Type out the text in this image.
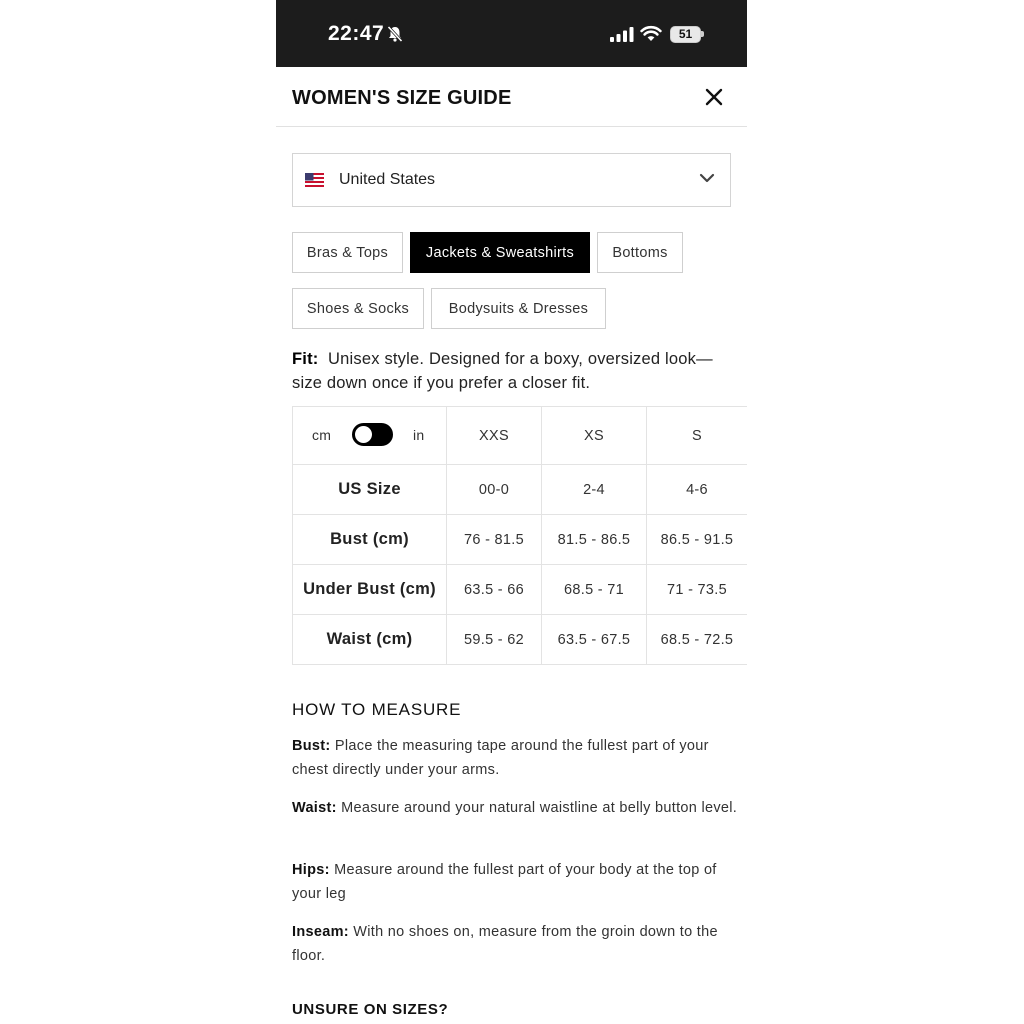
22:47	51
WOMEN'S SIZE GUIDE
United States
Bras & Tops	Jackets & Sweatshirts	Bottoms
Shoes & Socks	Bodysuits & Dresses
Fit: Unisex style. Designed for a boxy, oversized look—size down once if you prefer a closer fit.
cm in	XXS	XS	S
US Size	00-0	2-4	4-6
Bust (cm)	76 - 81.5	81.5 - 86.5	86.5 - 91.5
Under Bust (cm)	63.5 - 66	68.5 - 71	71 - 73.5
Waist (cm)	59.5 - 62	63.5 - 67.5	68.5 - 72.5
HOW TO MEASURE
Bust: Place the measuring tape around the fullest part of your chest directly under your arms.
Waist: Measure around your natural waistline at belly button level.
Hips: Measure around the fullest part of your body at the top of your leg
Inseam: With no shoes on, measure from the groin down to the floor.
UNSURE ON SIZES?
